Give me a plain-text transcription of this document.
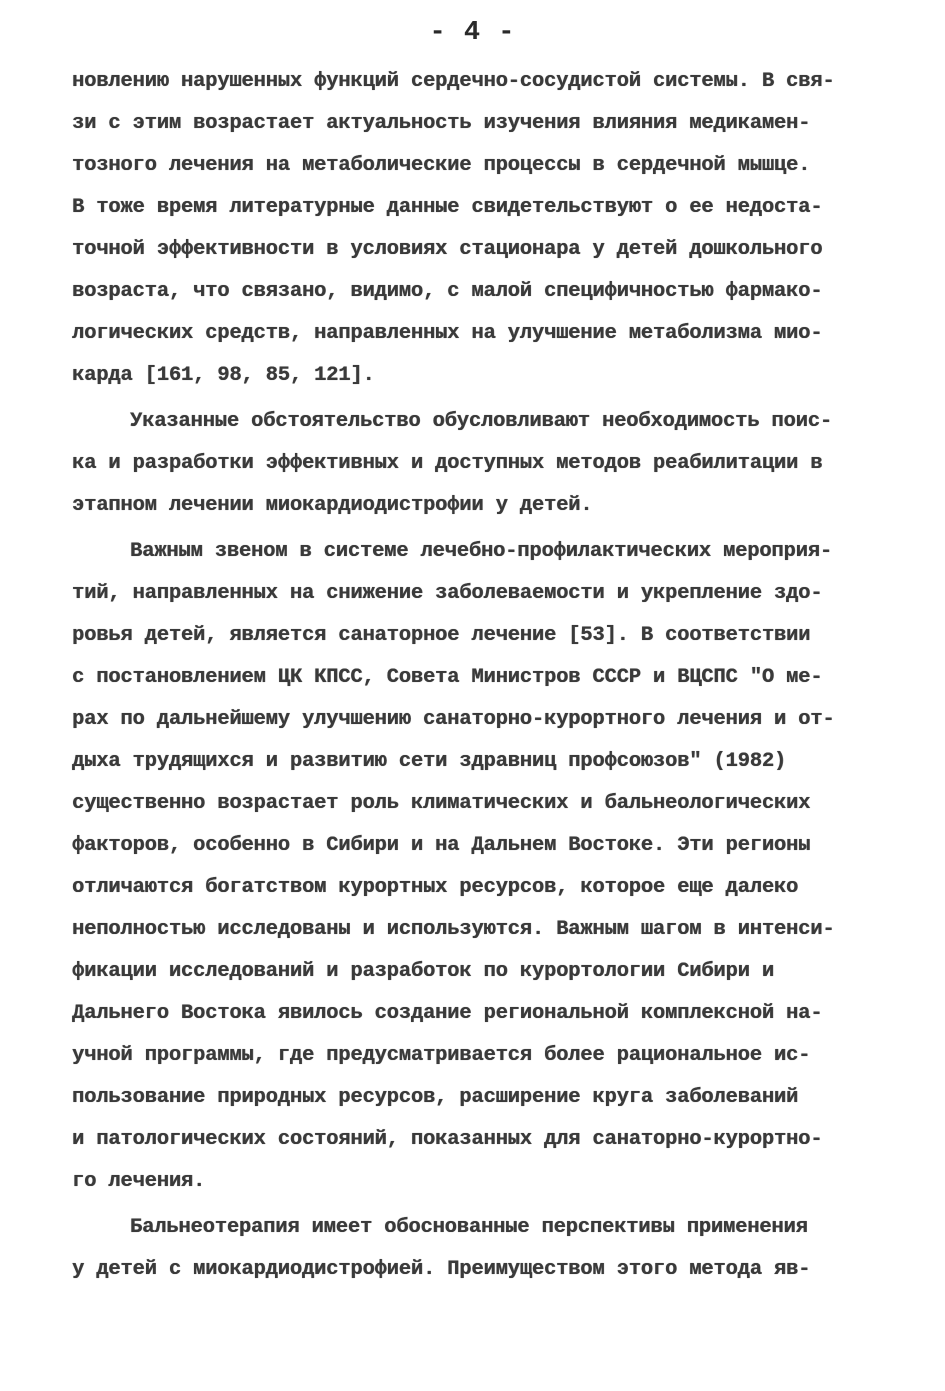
- 4 -
новлению нарушенных функций сердечно-сосудистой системы. В свя-
зи с этим возрастает актуальность изучения влияния медикамен-
тозного лечения на метаболические процессы в сердечной мышце.
В тоже время литературные данные свидетельствуют о ее недоста-
точной эффективности в условиях стационара у детей дошкольного
возраста, что связано, видимо, с малой специфичностью фармако-
логических средств, направленных на улучшение метаболизма мио-
карда [161, 98, 85, 121].
Указанные обстоятельство обусловливают необходимость поис-
ка и разработки эффективных и доступных методов реабилитации в
этапном лечении миокардиодистрофии у детей.
Важным звеном в системе лечебно-профилактических мероприя-
тий, направленных на снижение заболеваемости и укрепление здо-
ровья детей, является санаторное лечение [53]. В соответствии
с постановлением ЦК КПСС, Совета Министров СССР и ВЦСПС "О ме-
рах по дальнейшему улучшению санаторно-курортного лечения и от-
дыха трудящихся и развитию сети здравниц профсоюзов" (1982)
существенно возрастает роль климатических и бальнеологических
факторов, особенно в Сибири и на Дальнем Востоке. Эти регионы
отличаются богатством курортных ресурсов, которое еще далеко
неполностью исследованы и используются. Важным шагом в интенси-
фикации исследований и разработок по курортологии Сибири и
Дальнего Востока явилось создание региональной комплексной на-
учной программы, где предусматривается более рациональное ис-
пользование природных ресурсов, расширение круга заболеваний
и патологических состояний, показанных для санаторно-курортно-
го лечения.
Бальнеотерапия имеет обоснованные перспективы применения
у детей с миокардиодистрофией. Преимуществом этого метода яв-
